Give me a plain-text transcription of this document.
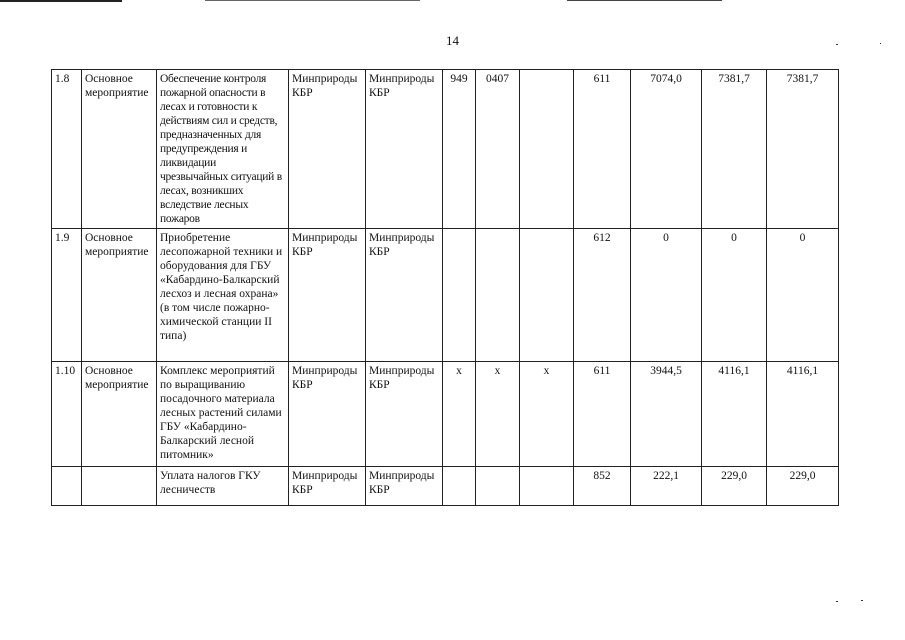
14
1.8	Основное мероприятие	Обеспечение контроля пожарной опасности в лесах и готовности к действиям сил и средств, предназначенных для предупреждения и ликвидации чрезвычайных ситуаций в лесах, возникших вследствие лесных пожаров	Минприроды КБР	Минприроды КБР	949	0407		611	7074,0	7381,7	7381,7
1.9	Основное мероприятие	Приобретение лесопожарной техники и оборудования для ГБУ «Кабардино-Балкарский лесхоз и лесная охрана» (в том числе пожарно-химической станции II типа)	Минприроды КБР	Минприроды КБР				612	0	0	0
1.10	Основное мероприятие	Комплекс мероприятий по выращиванию посадочного материала лесных растений силами ГБУ «Кабардино-Балкарский лесной питомник»	Минприроды КБР	Минприроды КБР	х	х	х	611	3944,5	4116,1	4116,1
		Уплата налогов ГКУ лесничеств	Минприроды КБР	Минприроды КБР				852	222,1	229,0	229,0
